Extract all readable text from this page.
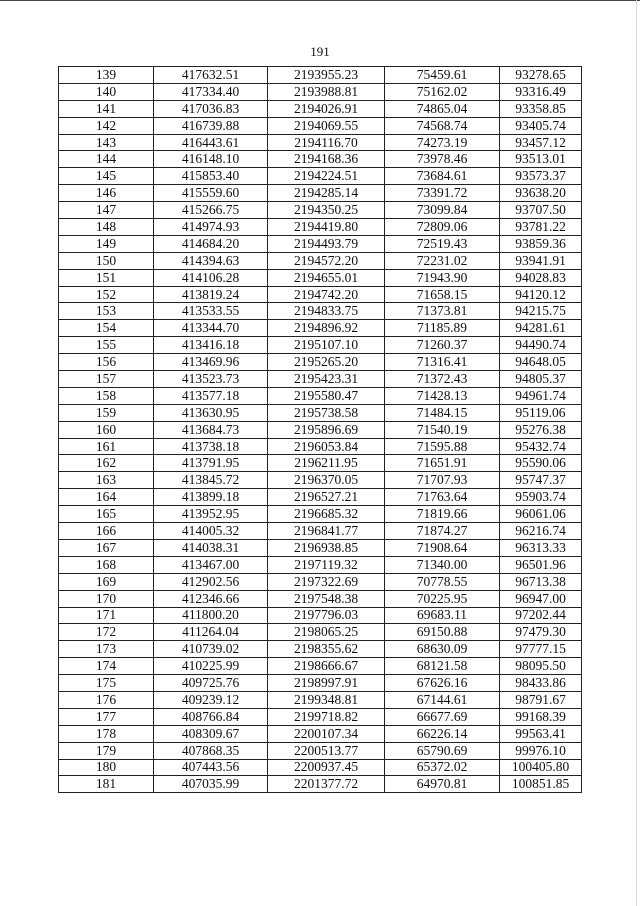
191
139	417632.51	2193955.23	75459.61	93278.65
140	417334.40	2193988.81	75162.02	93316.49
141	417036.83	2194026.91	74865.04	93358.85
142	416739.88	2194069.55	74568.74	93405.74
143	416443.61	2194116.70	74273.19	93457.12
144	416148.10	2194168.36	73978.46	93513.01
145	415853.40	2194224.51	73684.61	93573.37
146	415559.60	2194285.14	73391.72	93638.20
147	415266.75	2194350.25	73099.84	93707.50
148	414974.93	2194419.80	72809.06	93781.22
149	414684.20	2194493.79	72519.43	93859.36
150	414394.63	2194572.20	72231.02	93941.91
151	414106.28	2194655.01	71943.90	94028.83
152	413819.24	2194742.20	71658.15	94120.12
153	413533.55	2194833.75	71373.81	94215.75
154	413344.70	2194896.92	71185.89	94281.61
155	413416.18	2195107.10	71260.37	94490.74
156	413469.96	2195265.20	71316.41	94648.05
157	413523.73	2195423.31	71372.43	94805.37
158	413577.18	2195580.47	71428.13	94961.74
159	413630.95	2195738.58	71484.15	95119.06
160	413684.73	2195896.69	71540.19	95276.38
161	413738.18	2196053.84	71595.88	95432.74
162	413791.95	2196211.95	71651.91	95590.06
163	413845.72	2196370.05	71707.93	95747.37
164	413899.18	2196527.21	71763.64	95903.74
165	413952.95	2196685.32	71819.66	96061.06
166	414005.32	2196841.77	71874.27	96216.74
167	414038.31	2196938.85	71908.64	96313.33
168	413467.00	2197119.32	71340.00	96501.96
169	412902.56	2197322.69	70778.55	96713.38
170	412346.66	2197548.38	70225.95	96947.00
171	411800.20	2197796.03	69683.11	97202.44
172	411264.04	2198065.25	69150.88	97479.30
173	410739.02	2198355.62	68630.09	97777.15
174	410225.99	2198666.67	68121.58	98095.50
175	409725.76	2198997.91	67626.16	98433.86
176	409239.12	2199348.81	67144.61	98791.67
177	408766.84	2199718.82	66677.69	99168.39
178	408309.67	2200107.34	66226.14	99563.41
179	407868.35	2200513.77	65790.69	99976.10
180	407443.56	2200937.45	65372.02	100405.80
181	407035.99	2201377.72	64970.81	100851.85
